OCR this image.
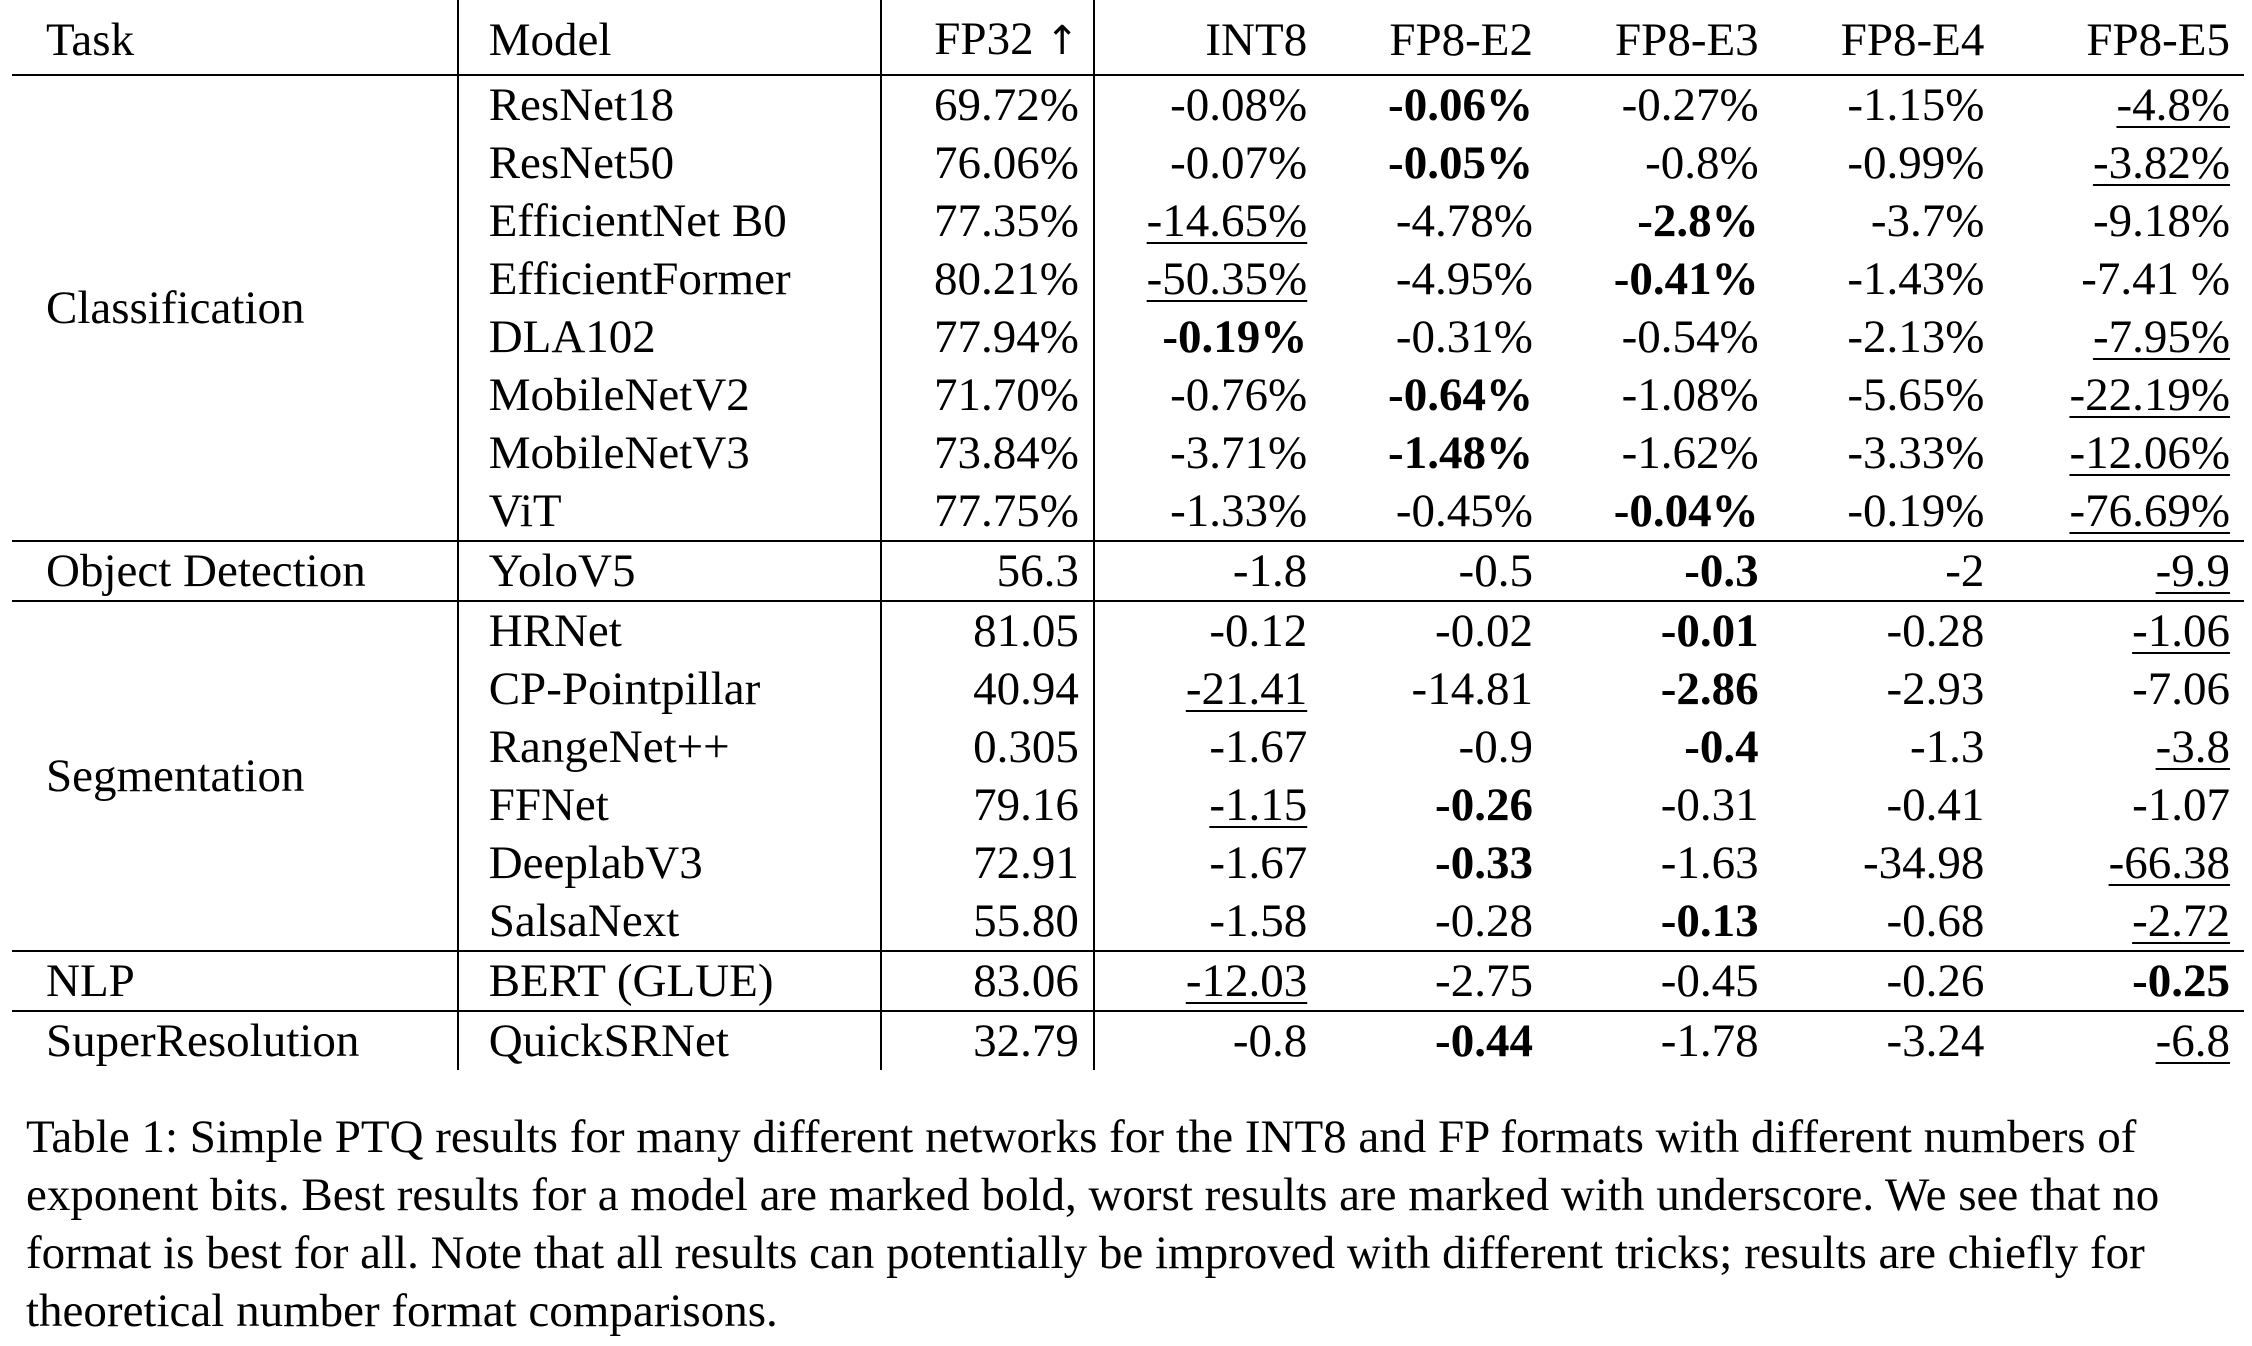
Task	Model	FP32 ↑	INT8	FP8-E2	FP8-E3	FP8-E4	FP8-E5
Classification	ResNet18	69.72%	-0.08%	-0.06%	-0.27%	-1.15%	-4.8%
	ResNet50	76.06%	-0.07%	-0.05%	-0.8%	-0.99%	-3.82%
	EfficientNet B0	77.35%	-14.65%	-4.78%	-2.8%	-3.7%	-9.18%
	EfficientFormer	80.21%	-50.35%	-4.95%	-0.41%	-1.43%	-7.41 %
	DLA102	77.94%	-0.19%	-0.31%	-0.54%	-2.13%	-7.95%
	MobileNetV2	71.70%	-0.76%	-0.64%	-1.08%	-5.65%	-22.19%
	MobileNetV3	73.84%	-3.71%	-1.48%	-1.62%	-3.33%	-12.06%
	ViT	77.75%	-1.33%	-0.45%	-0.04%	-0.19%	-76.69%
Object Detection	YoloV5	56.3	-1.8	-0.5	-0.3	-2	-9.9
Segmentation	HRNet	81.05	-0.12	-0.02	-0.01	-0.28	-1.06
	CP-Pointpillar	40.94	-21.41	-14.81	-2.86	-2.93	-7.06
	RangeNet++	0.305	-1.67	-0.9	-0.4	-1.3	-3.8
	FFNet	79.16	-1.15	-0.26	-0.31	-0.41	-1.07
	DeeplabV3	72.91	-1.67	-0.33	-1.63	-34.98	-66.38
	SalsaNext	55.80	-1.58	-0.28	-0.13	-0.68	-2.72
NLP	BERT (GLUE)	83.06	-12.03	-2.75	-0.45	-0.26	-0.25
SuperResolution	QuickSRNet	32.79	-0.8	-0.44	-1.78	-3.24	-6.8
Table 1: Simple PTQ results for many different networks for the INT8 and FP formats with different numbers of exponent bits. Best results for a model are marked bold, worst results are marked with underscore. We see that no format is best for all. Note that all results can potentially be improved with different tricks; results are chiefly for theoretical number format comparisons.
